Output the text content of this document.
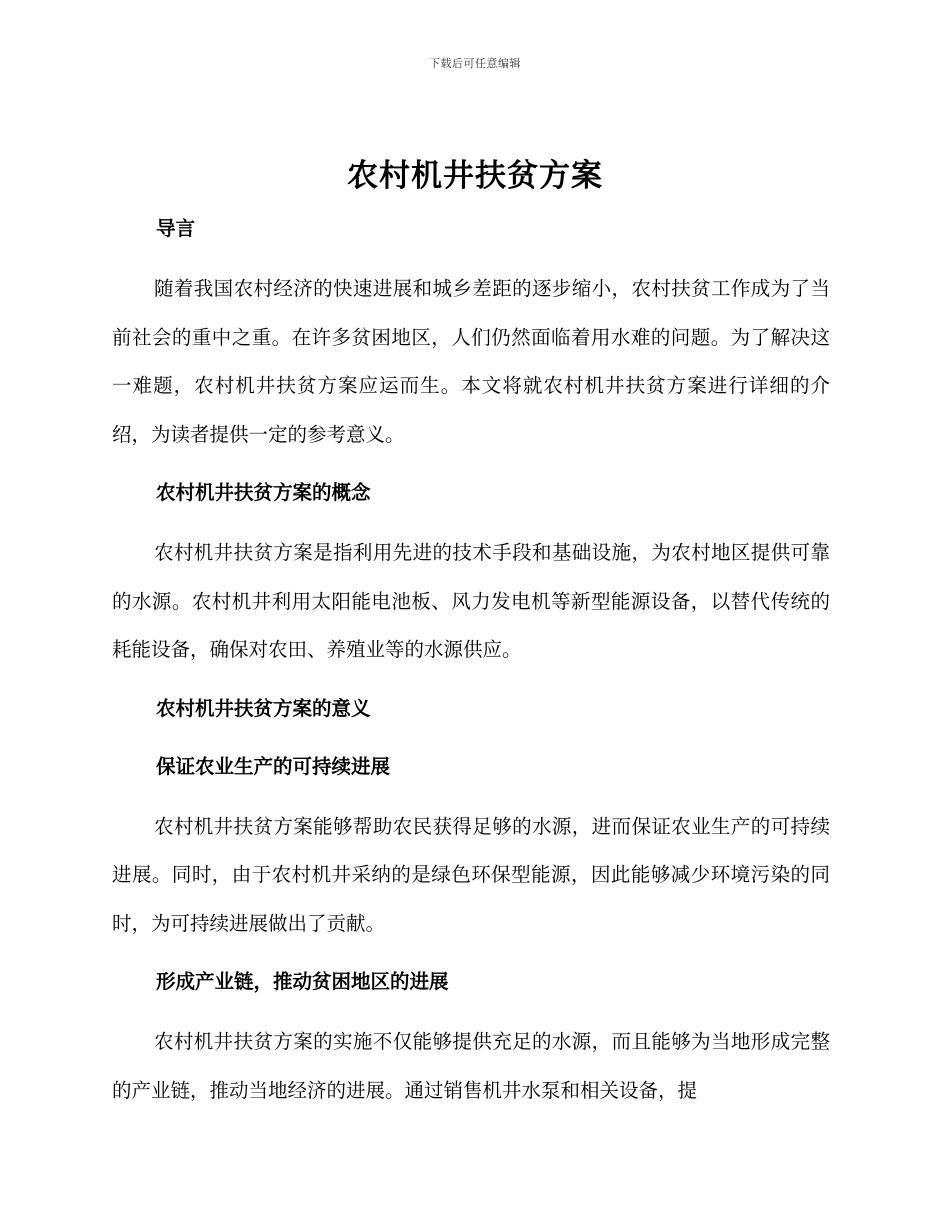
下载后可任意编辑
农村机井扶贫方案
导言
随着我国农村经济的快速进展和城乡差距的逐步缩小，农村扶贫工作成为了当前社会的重中之重。在许多贫困地区，人们仍然面临着用水难的问题。为了解决这一难题，农村机井扶贫方案应运而生。本文将就农村机井扶贫方案进行详细的介绍，为读者提供一定的参考意义。
农村机井扶贫方案的概念
农村机井扶贫方案是指利用先进的技术手段和基础设施，为农村地区提供可靠的水源。农村机井利用太阳能电池板、风力发电机等新型能源设备，以替代传统的耗能设备，确保对农田、养殖业等的水源供应。
农村机井扶贫方案的意义
保证农业生产的可持续进展
农村机井扶贫方案能够帮助农民获得足够的水源，进而保证农业生产的可持续进展。同时，由于农村机井采纳的是绿色环保型能源，因此能够减少环境污染的同时，为可持续进展做出了贡献。
形成产业链，推动贫困地区的进展
农村机井扶贫方案的实施不仅能够提供充足的水源，而且能够为当地形成完整的产业链，推动当地经济的进展。通过销售机井水泵和相关设备，提
